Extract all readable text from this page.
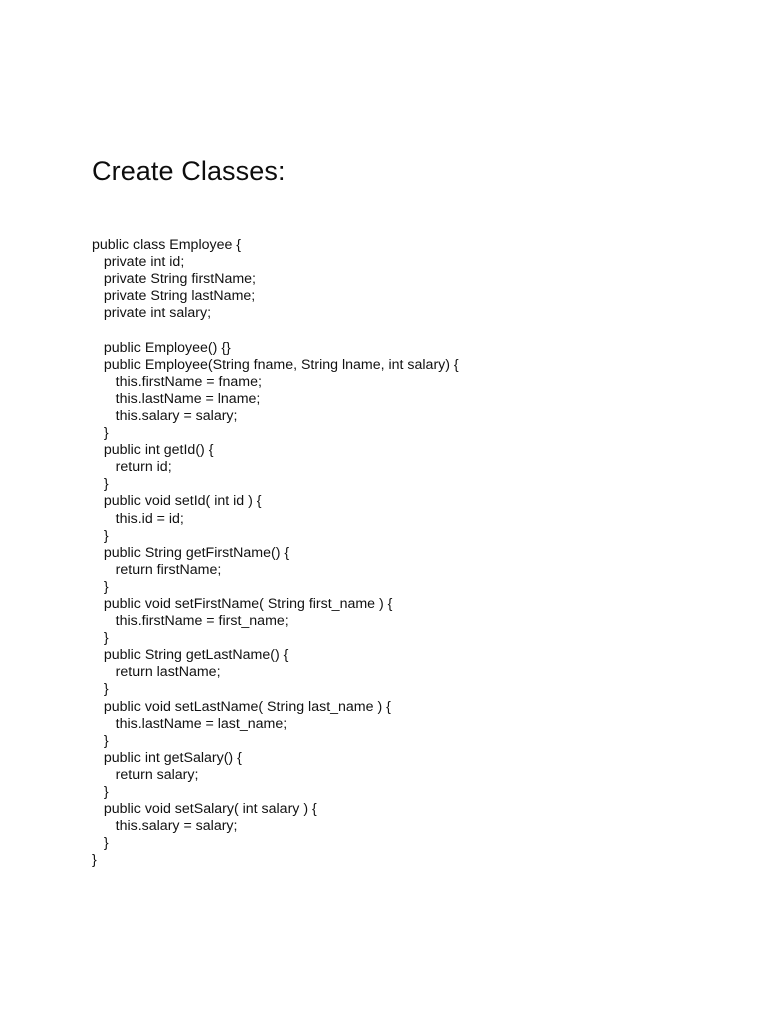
Create Classes:
public class Employee {
private int id;
private String firstName;
private String lastName;
private int salary;
public Employee() {}
public Employee(String fname, String lname, int salary) {
this.firstName = fname;
this.lastName = lname;
this.salary = salary;
}
public int getId() {
return id;
}
public void setId( int id ) {
this.id = id;
}
public String getFirstName() {
return firstName;
}
public void setFirstName( String first_name ) {
this.firstName = first_name;
}
public String getLastName() {
return lastName;
}
public void setLastName( String last_name ) {
this.lastName = last_name;
}
public int getSalary() {
return salary;
}
public void setSalary( int salary ) {
this.salary = salary;
}
}
